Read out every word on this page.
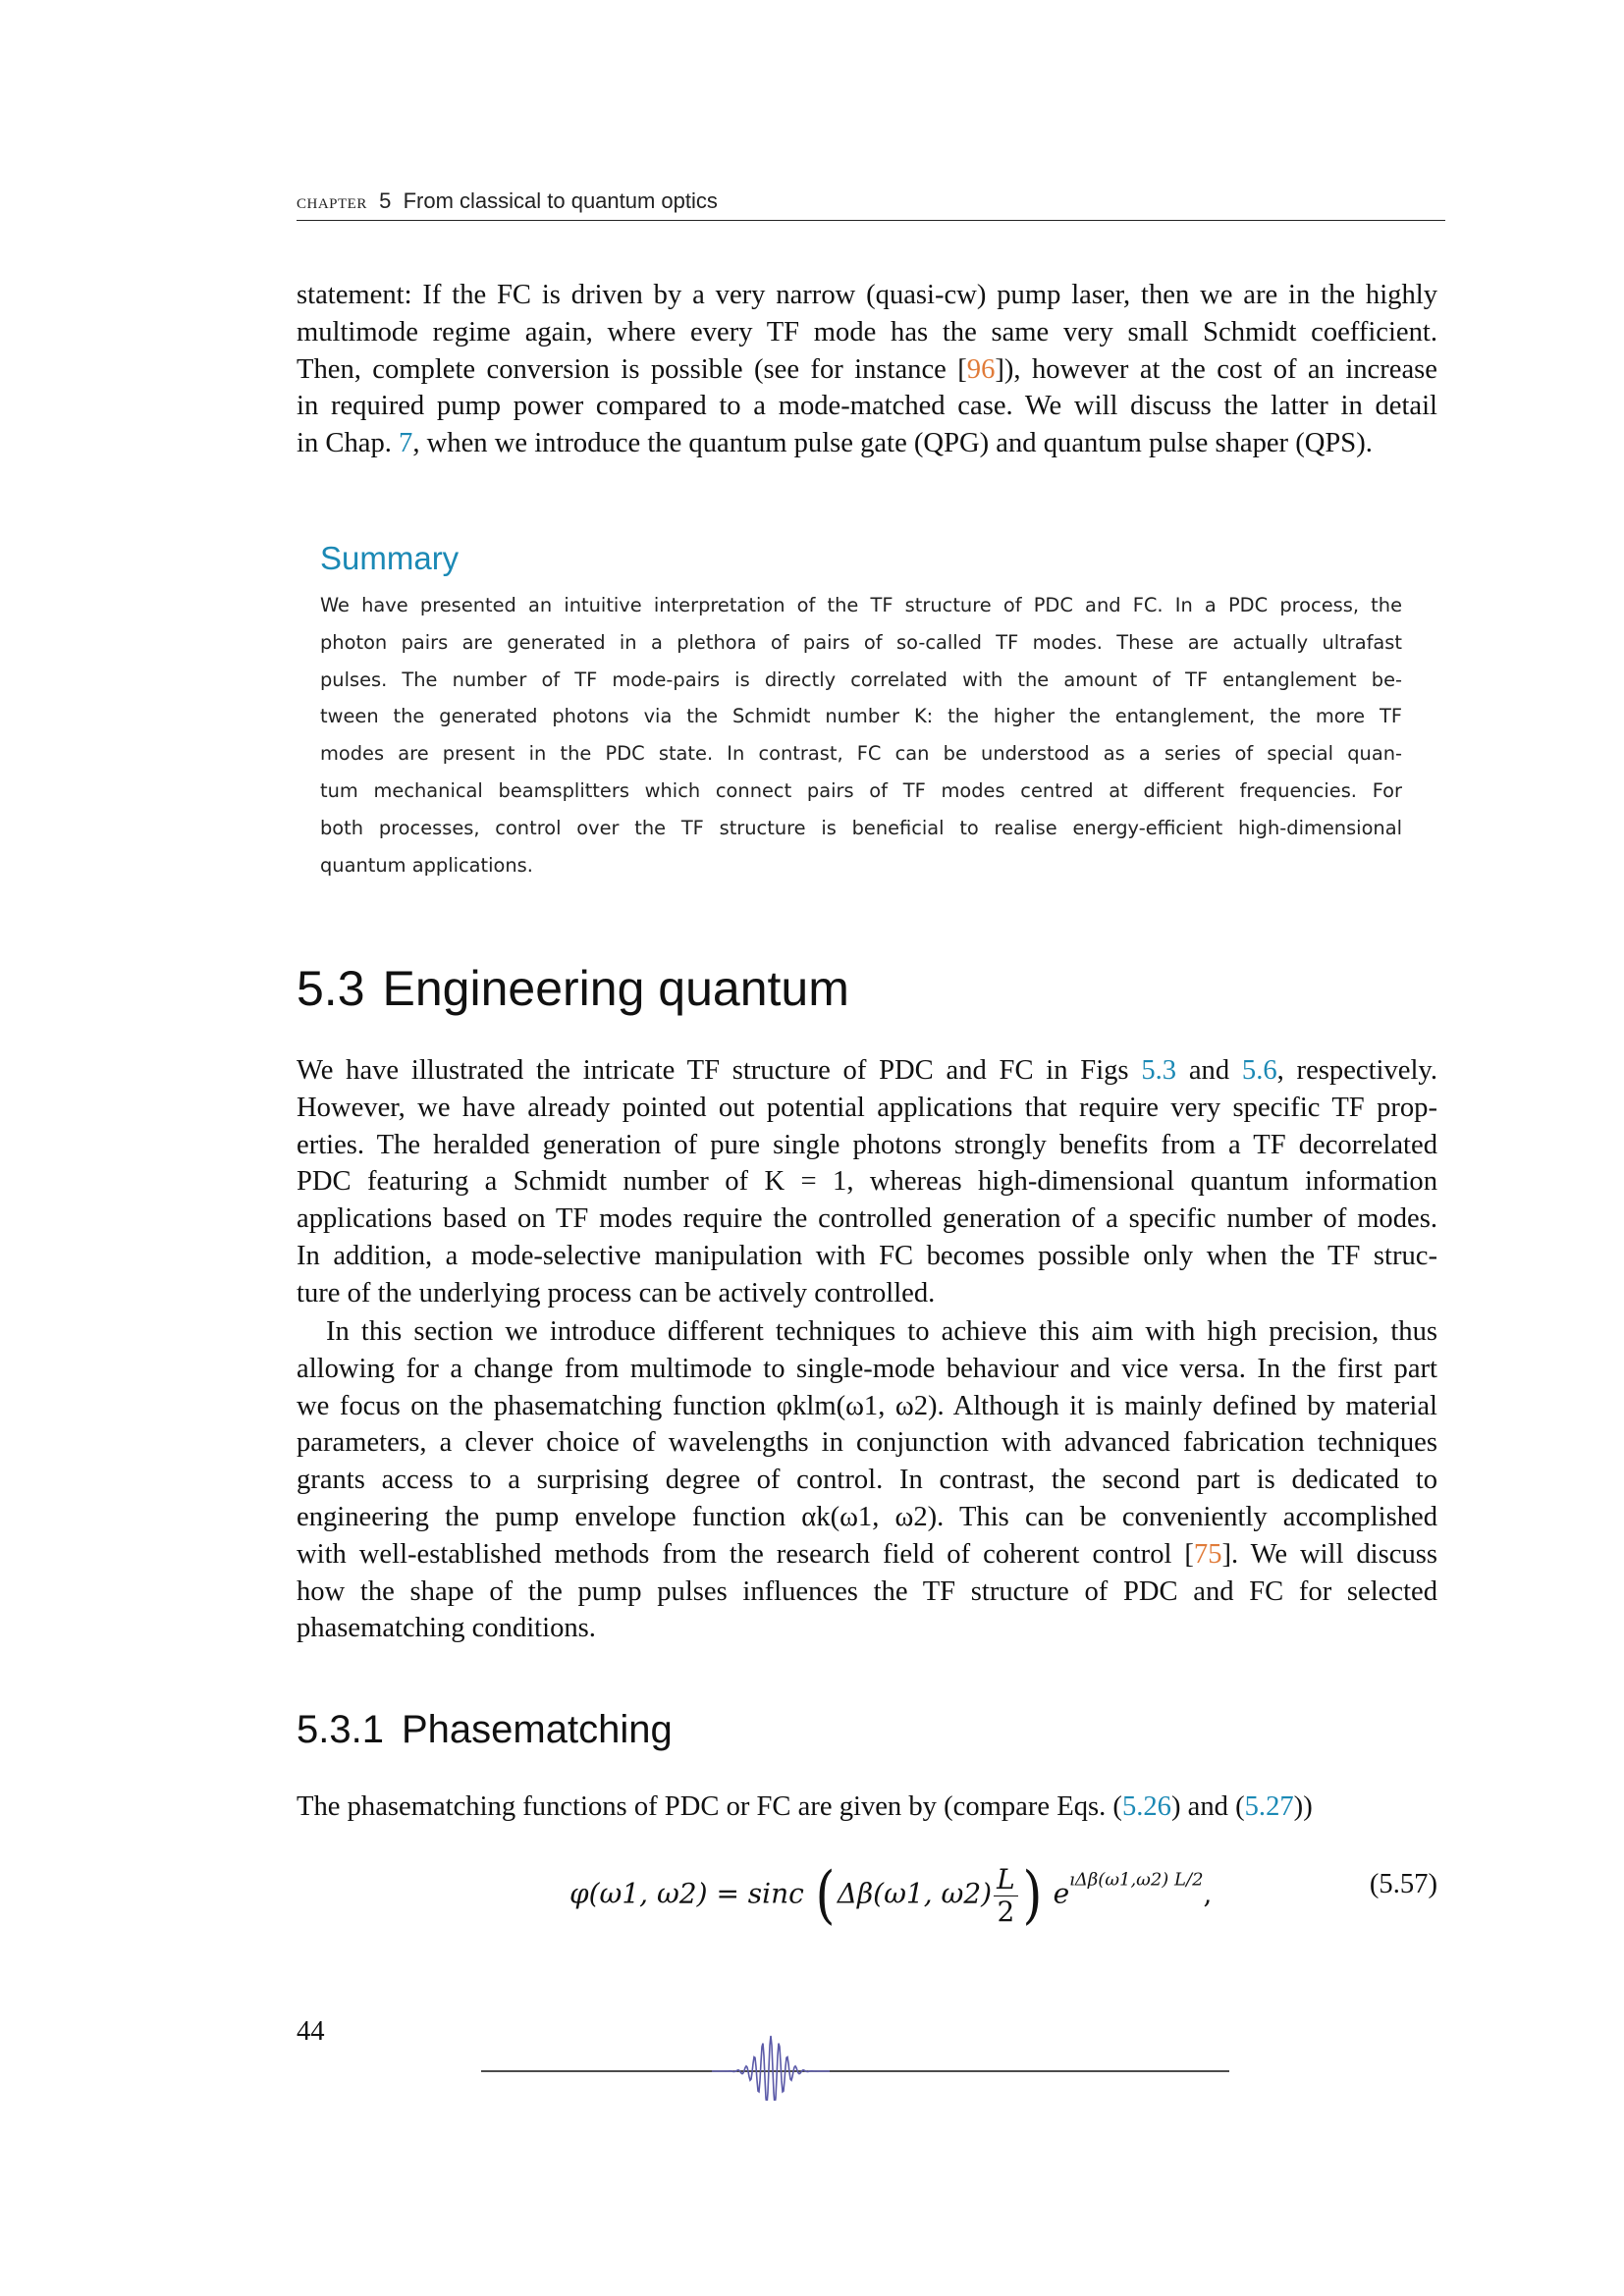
chapter 5 From classical to quantum optics
statement: If the FC is driven by a very narrow (quasi-cw) pump laser, then we are in the highly
multimode regime again, where every TF mode has the same very small Schmidt coefficient.
Then, complete conversion is possible (see for instance [96]), however at the cost of an increase
in required pump power compared to a mode-matched case. We will discuss the latter in detail
in Chap. 7, when we introduce the quantum pulse gate (QPG) and quantum pulse shaper (QPS).
Summary
We have presented an intuitive interpretation of the TF structure of PDC and FC. In a PDC process, the
photon pairs are generated in a plethora of pairs of so-called TF modes. These are actually ultrafast
pulses. The number of TF mode-pairs is directly correlated with the amount of TF entanglement be-
tween the generated photons via the Schmidt number K: the higher the entanglement, the more TF
modes are present in the PDC state. In contrast, FC can be understood as a series of special quan-
tum mechanical beamsplitters which connect pairs of TF modes centred at different frequencies. For
both processes, control over the TF structure is beneficial to realise energy-efficient high-dimensional
quantum applications.
5.3 Engineering quantum
We have illustrated the intricate TF structure of PDC and FC in Figs 5.3 and 5.6, respectively.
However, we have already pointed out potential applications that require very specific TF prop-
erties. The heralded generation of pure single photons strongly benefits from a TF decorrelated
PDC featuring a Schmidt number of K = 1, whereas high-dimensional quantum information
applications based on TF modes require the controlled generation of a specific number of modes.
In addition, a mode-selective manipulation with FC becomes possible only when the TF struc-
ture of the underlying process can be actively controlled.
In this section we introduce different techniques to achieve this aim with high precision, thus
allowing for a change from multimode to single-mode behaviour and vice versa. In the first part
we focus on the phasematching function φklm(ω1, ω2). Although it is mainly defined by material
parameters, a clever choice of wavelengths in conjunction with advanced fabrication techniques
grants access to a surprising degree of control. In contrast, the second part is dedicated to
engineering the pump envelope function αk(ω1, ω2). This can be conveniently accomplished
with well-established methods from the research field of coherent control [75]. We will discuss
how the shape of the pump pulses influences the TF structure of PDC and FC for selected
phasematching conditions.
5.3.1 Phasematching
The phasematching functions of PDC or FC are given by (compare Eqs. (5.26) and (5.27))
φ(ω1, ω2) = sinc (Δβ(ω1, $\omega 2) \frac{L}{2}$ ) $e^{ı\Delta\beta(\omega 1,\omega 2) L/2}$,	(5.57)
44
